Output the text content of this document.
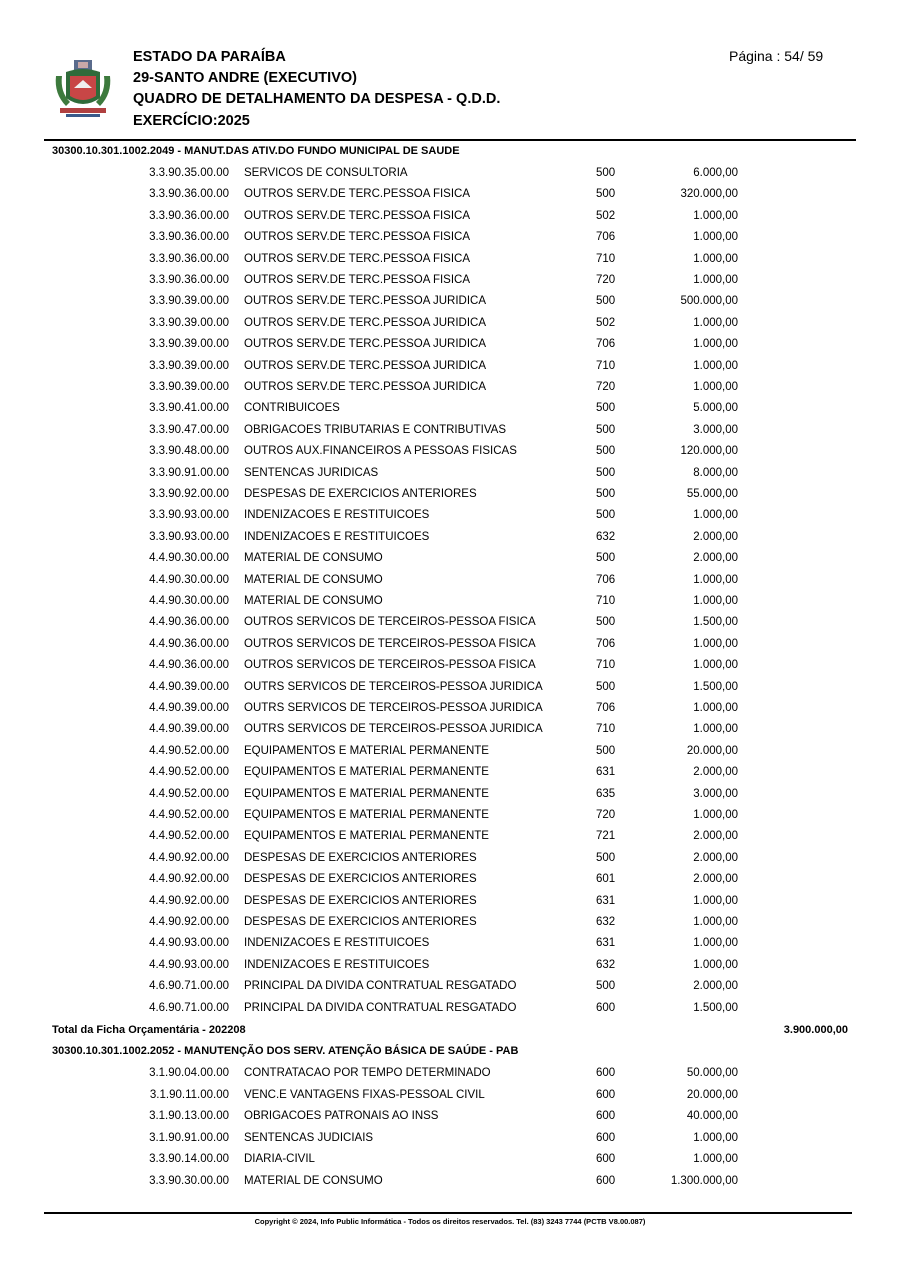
ESTADO DA PARAÍBA
29-SANTO ANDRE (EXECUTIVO)
QUADRO DE DETALHAMENTO DA DESPESA - Q.D.D.
EXERCÍCIO:2025
Página : 54/ 59
30300.10.301.1002.2049 - MANUT.DAS ATIV.DO FUNDO MUNICIPAL DE SAUDE
3.3.90.35.00.00 SERVICOS DE CONSULTORIA	500	6.000,00
3.3.90.36.00.00 OUTROS SERV.DE TERC.PESSOA FISICA	500	320.000,00
3.3.90.36.00.00 OUTROS SERV.DE TERC.PESSOA FISICA	502	1.000,00
3.3.90.36.00.00 OUTROS SERV.DE TERC.PESSOA FISICA	706	1.000,00
3.3.90.36.00.00 OUTROS SERV.DE TERC.PESSOA FISICA	710	1.000,00
3.3.90.36.00.00 OUTROS SERV.DE TERC.PESSOA FISICA	720	1.000,00
3.3.90.39.00.00 OUTROS SERV.DE TERC.PESSOA JURIDICA	500	500.000,00
3.3.90.39.00.00 OUTROS SERV.DE TERC.PESSOA JURIDICA	502	1.000,00
3.3.90.39.00.00 OUTROS SERV.DE TERC.PESSOA JURIDICA	706	1.000,00
3.3.90.39.00.00 OUTROS SERV.DE TERC.PESSOA JURIDICA	710	1.000,00
3.3.90.39.00.00 OUTROS SERV.DE TERC.PESSOA JURIDICA	720	1.000,00
3.3.90.41.00.00 CONTRIBUICOES	500	5.000,00
3.3.90.47.00.00 OBRIGACOES TRIBUTARIAS E CONTRIBUTIVAS	500	3.000,00
3.3.90.48.00.00 OUTROS AUX.FINANCEIROS A PESSOAS FISICAS	500	120.000,00
3.3.90.91.00.00 SENTENCAS JURIDICAS	500	8.000,00
3.3.90.92.00.00 DESPESAS DE EXERCICIOS ANTERIORES	500	55.000,00
3.3.90.93.00.00 INDENIZACOES E RESTITUICOES	500	1.000,00
3.3.90.93.00.00 INDENIZACOES E RESTITUICOES	632	2.000,00
4.4.90.30.00.00 MATERIAL DE CONSUMO	500	2.000,00
4.4.90.30.00.00 MATERIAL DE CONSUMO	706	1.000,00
4.4.90.30.00.00 MATERIAL DE CONSUMO	710	1.000,00
4.4.90.36.00.00 OUTROS SERVICOS DE TERCEIROS-PESSOA FISICA	500	1.500,00
4.4.90.36.00.00 OUTROS SERVICOS DE TERCEIROS-PESSOA FISICA	706	1.000,00
4.4.90.36.00.00 OUTROS SERVICOS DE TERCEIROS-PESSOA FISICA	710	1.000,00
4.4.90.39.00.00 OUTRS SERVICOS DE TERCEIROS-PESSOA JURIDICA	500	1.500,00
4.4.90.39.00.00 OUTRS SERVICOS DE TERCEIROS-PESSOA JURIDICA	706	1.000,00
4.4.90.39.00.00 OUTRS SERVICOS DE TERCEIROS-PESSOA JURIDICA	710	1.000,00
4.4.90.52.00.00 EQUIPAMENTOS E MATERIAL PERMANENTE	500	20.000,00
4.4.90.52.00.00 EQUIPAMENTOS E MATERIAL PERMANENTE	631	2.000,00
4.4.90.52.00.00 EQUIPAMENTOS E MATERIAL PERMANENTE	635	3.000,00
4.4.90.52.00.00 EQUIPAMENTOS E MATERIAL PERMANENTE	720	1.000,00
4.4.90.52.00.00 EQUIPAMENTOS E MATERIAL PERMANENTE	721	2.000,00
4.4.90.92.00.00 DESPESAS DE EXERCICIOS ANTERIORES	500	2.000,00
4.4.90.92.00.00 DESPESAS DE EXERCICIOS ANTERIORES	601	2.000,00
4.4.90.92.00.00 DESPESAS DE EXERCICIOS ANTERIORES	631	1.000,00
4.4.90.92.00.00 DESPESAS DE EXERCICIOS ANTERIORES	632	1.000,00
4.4.90.93.00.00 INDENIZACOES E RESTITUICOES	631	1.000,00
4.4.90.93.00.00 INDENIZACOES E RESTITUICOES	632	1.000,00
4.6.90.71.00.00 PRINCIPAL DA DIVIDA CONTRATUAL RESGATADO	500	2.000,00
4.6.90.71.00.00 PRINCIPAL DA DIVIDA CONTRATUAL RESGATADO	600	1.500,00
Total da Ficha Orçamentária - 202208	3.900.000,00
30300.10.301.1002.2052 - MANUTENÇÃO DOS SERV. ATENÇÃO BÁSICA DE SAÚDE - PAB
3.1.90.04.00.00 CONTRATACAO POR TEMPO DETERMINADO	600	50.000,00
3.1.90.11.00.00 VENC.E VANTAGENS FIXAS-PESSOAL CIVIL	600	20.000,00
3.1.90.13.00.00 OBRIGACOES PATRONAIS AO INSS	600	40.000,00
3.1.90.91.00.00 SENTENCAS JUDICIAIS	600	1.000,00
3.3.90.14.00.00 DIARIA-CIVIL	600	1.000,00
3.3.90.30.00.00 MATERIAL DE CONSUMO	600	1.300.000,00
Copyright © 2024, Info Public Informática - Todos os direitos reservados. Tel. (83) 3243 7744 (PCTB V8.00.087)
